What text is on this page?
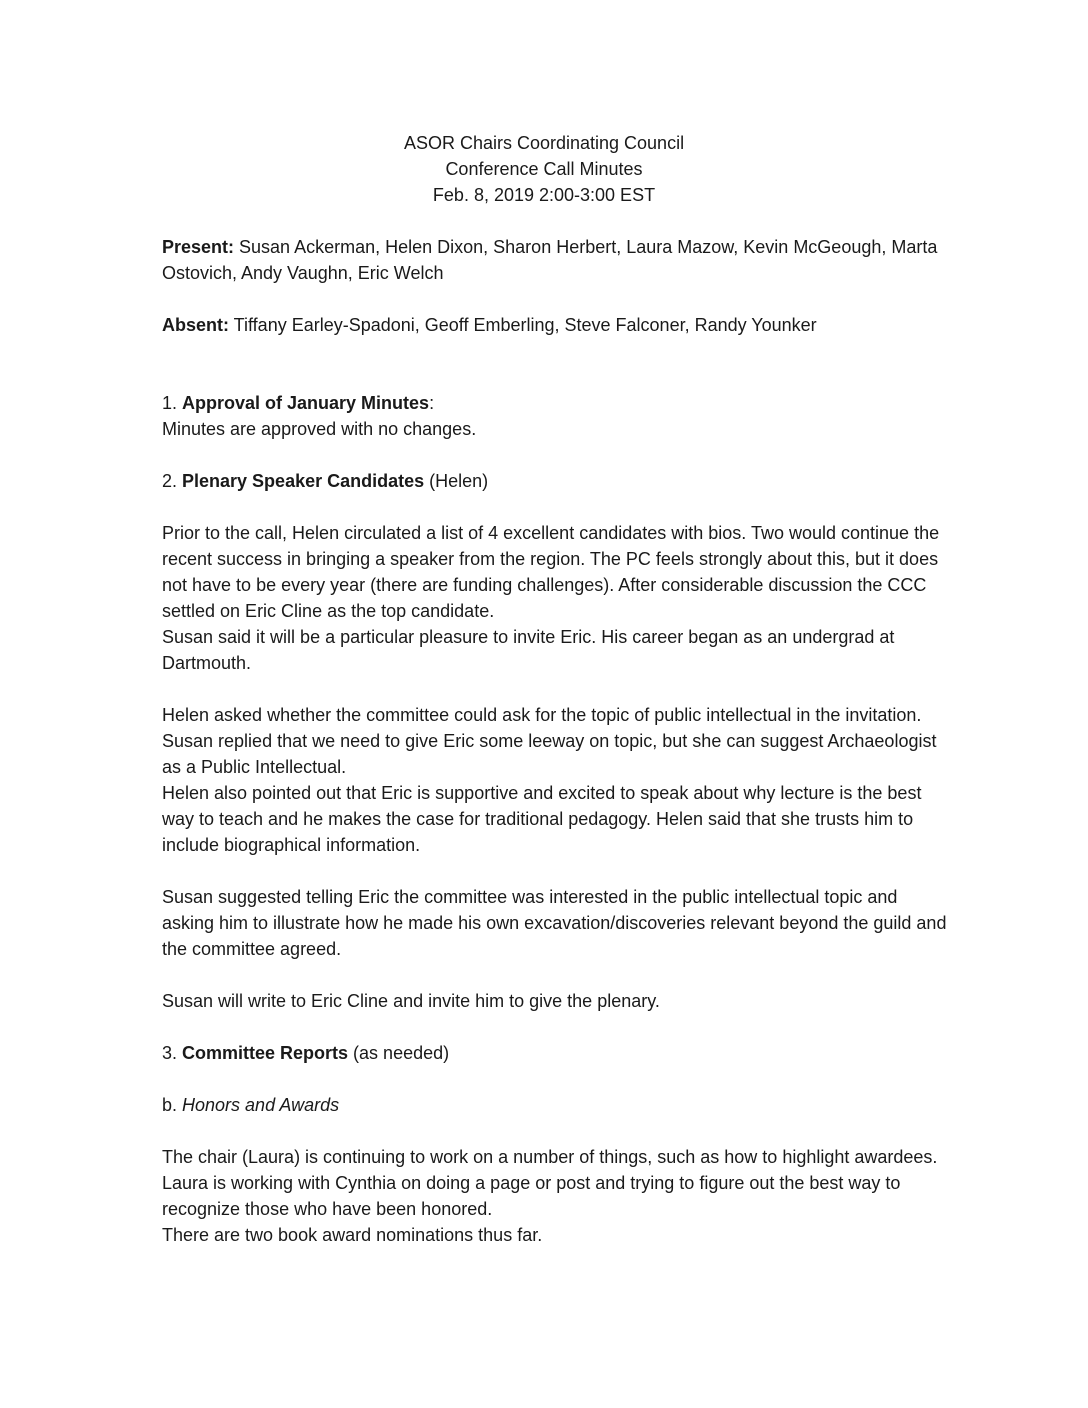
ASOR Chairs Coordinating Council
Conference Call Minutes
Feb. 8, 2019 2:00-3:00 EST

Present: Susan Ackerman, Helen Dixon, Sharon Herbert, Laura Mazow, Kevin McGeough, Marta Ostovich, Andy Vaughn, Eric Welch

Absent: Tiffany Earley-Spadoni, Geoff Emberling, Steve Falconer, Randy Younker

1. Approval of January Minutes:

Minutes are approved with no changes.

2. Plenary Speaker Candidates (Helen)

Prior to the call, Helen circulated a list of 4 excellent candidates with bios. Two would continue the recent success in bringing a speaker from the region. The PC feels strongly about this, but it does not have to be every year (there are funding challenges). After considerable discussion the CCC settled on Eric Cline as the top candidate.

Susan said it will be a particular pleasure to invite Eric. His career began as an undergrad at Dartmouth.

Helen asked whether the committee could ask for the topic of public intellectual in the invitation.

Susan replied that we need to give Eric some leeway on topic, but she can suggest Archaeologist as a Public Intellectual.

Helen also pointed out that Eric is supportive and excited to speak about why lecture is the best way to teach and he makes the case for traditional pedagogy. Helen said that she trusts him to include biographical information.

Susan suggested telling Eric the committee was interested in the public intellectual topic and asking him to illustrate how he made his own excavation/discoveries relevant beyond the guild and the committee agreed.

Susan will write to Eric Cline and invite him to give the plenary.

3. Committee Reports (as needed)

b. Honors and Awards

The chair (Laura) is continuing to work on a number of things, such as how to highlight awardees. Laura is working with Cynthia on doing a page or post and trying to figure out the best way to recognize those who have been honored.

There are two book award nominations thus far.
